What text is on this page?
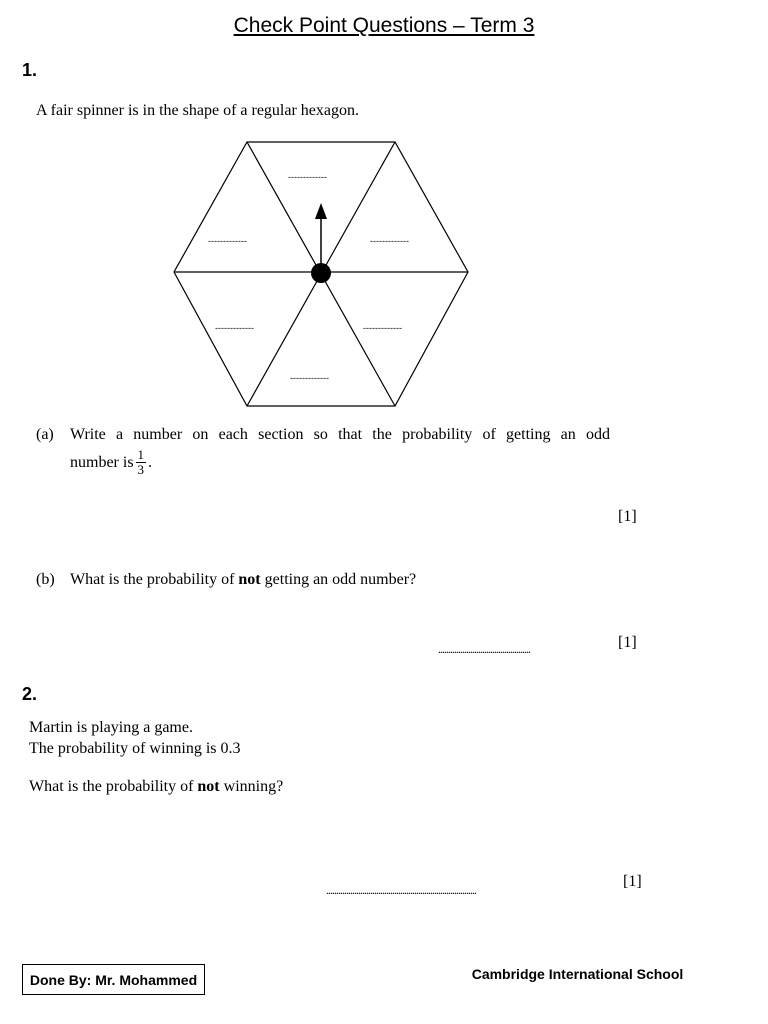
Check Point Questions – Term 3
1.
A fair spinner is in the shape of a regular hexagon.
-------------
-------------	-------------
-------------	-------------
-------------
(a) Write a number on each section so that the probability of getting an odd
number is $\frac{1}{3}$ .
[1]
(b) What is the probability of not getting an odd number?
..............................................	[1]
2.
Martin is playing a game.
The probability of winning is 0.3
What is the probability of not winning?
...........................................................................	[1]
Done By: Mr. Mohammed	Cambridge International School
